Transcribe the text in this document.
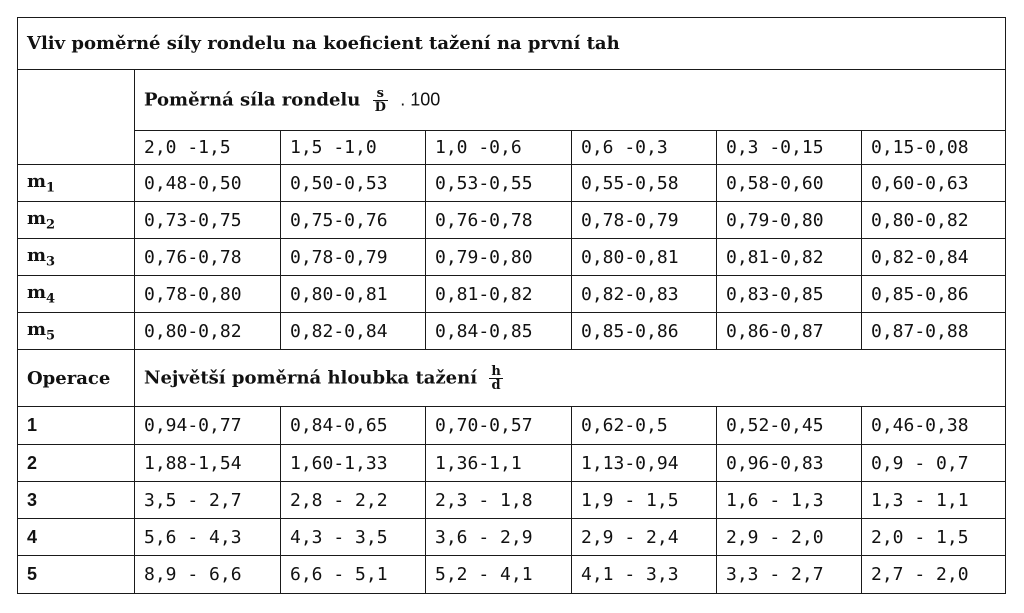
Vliv poměrné síly rondelu na koeficient tažení na první tah						
	Poměrná síla rondelu $\frac{s}{D}$ . 100					
	2,0 -1,5	1,5 -1,0	1,0 -0,6	0,6 -0,3	0,3 -0,15	0,15-0,08
$m_1$	0,48-0,50	0,50-0,53	0,53-0,55	0,55-0,58	0,58-0,60	0,60-0,63
$m_2$	0,73-0,75	0,75-0,76	0,76-0,78	0,78-0,79	0,79-0,80	0,80-0,82
$m_3$	0,76-0,78	0,78-0,79	0,79-0,80	0,80-0,81	0,81-0,82	0,82-0,84
$m_4$	0,78-0,80	0,80-0,81	0,81-0,82	0,82-0,83	0,83-0,85	0,85-0,86
$m_5$	0,80-0,82	0,82-0,84	0,84-0,85	0,85-0,86	0,86-0,87	0,87-0,88
Operace	Největší poměrná hloubka tažení $\frac{h}{d}$

1	0,94-0,77	0,84-0,65	0,70-0,57	0,62-0,5	0,52-0,45	0,46-0,38
2	1,88-1,54	1,60-1,33	1,36-1,1	1,13-0,94	0,96-0,83	0,9 - 0,7
3	3,5 - 2,7	2,8 - 2,2	2,3 - 1,8	1,9 - 1,5	1,6 - 1,3	1,3 - 1,1
4	5,6 - 4,3	4,3 - 3,5	3,6 - 2,9	2,9 - 2,4	2,9 - 2,0	2,0 - 1,5
5	8,9 - 6,6	6,6 - 5,1	5,2 - 4,1	4,1 - 3,3	3,3 - 2,7	2,7 - 2,0
